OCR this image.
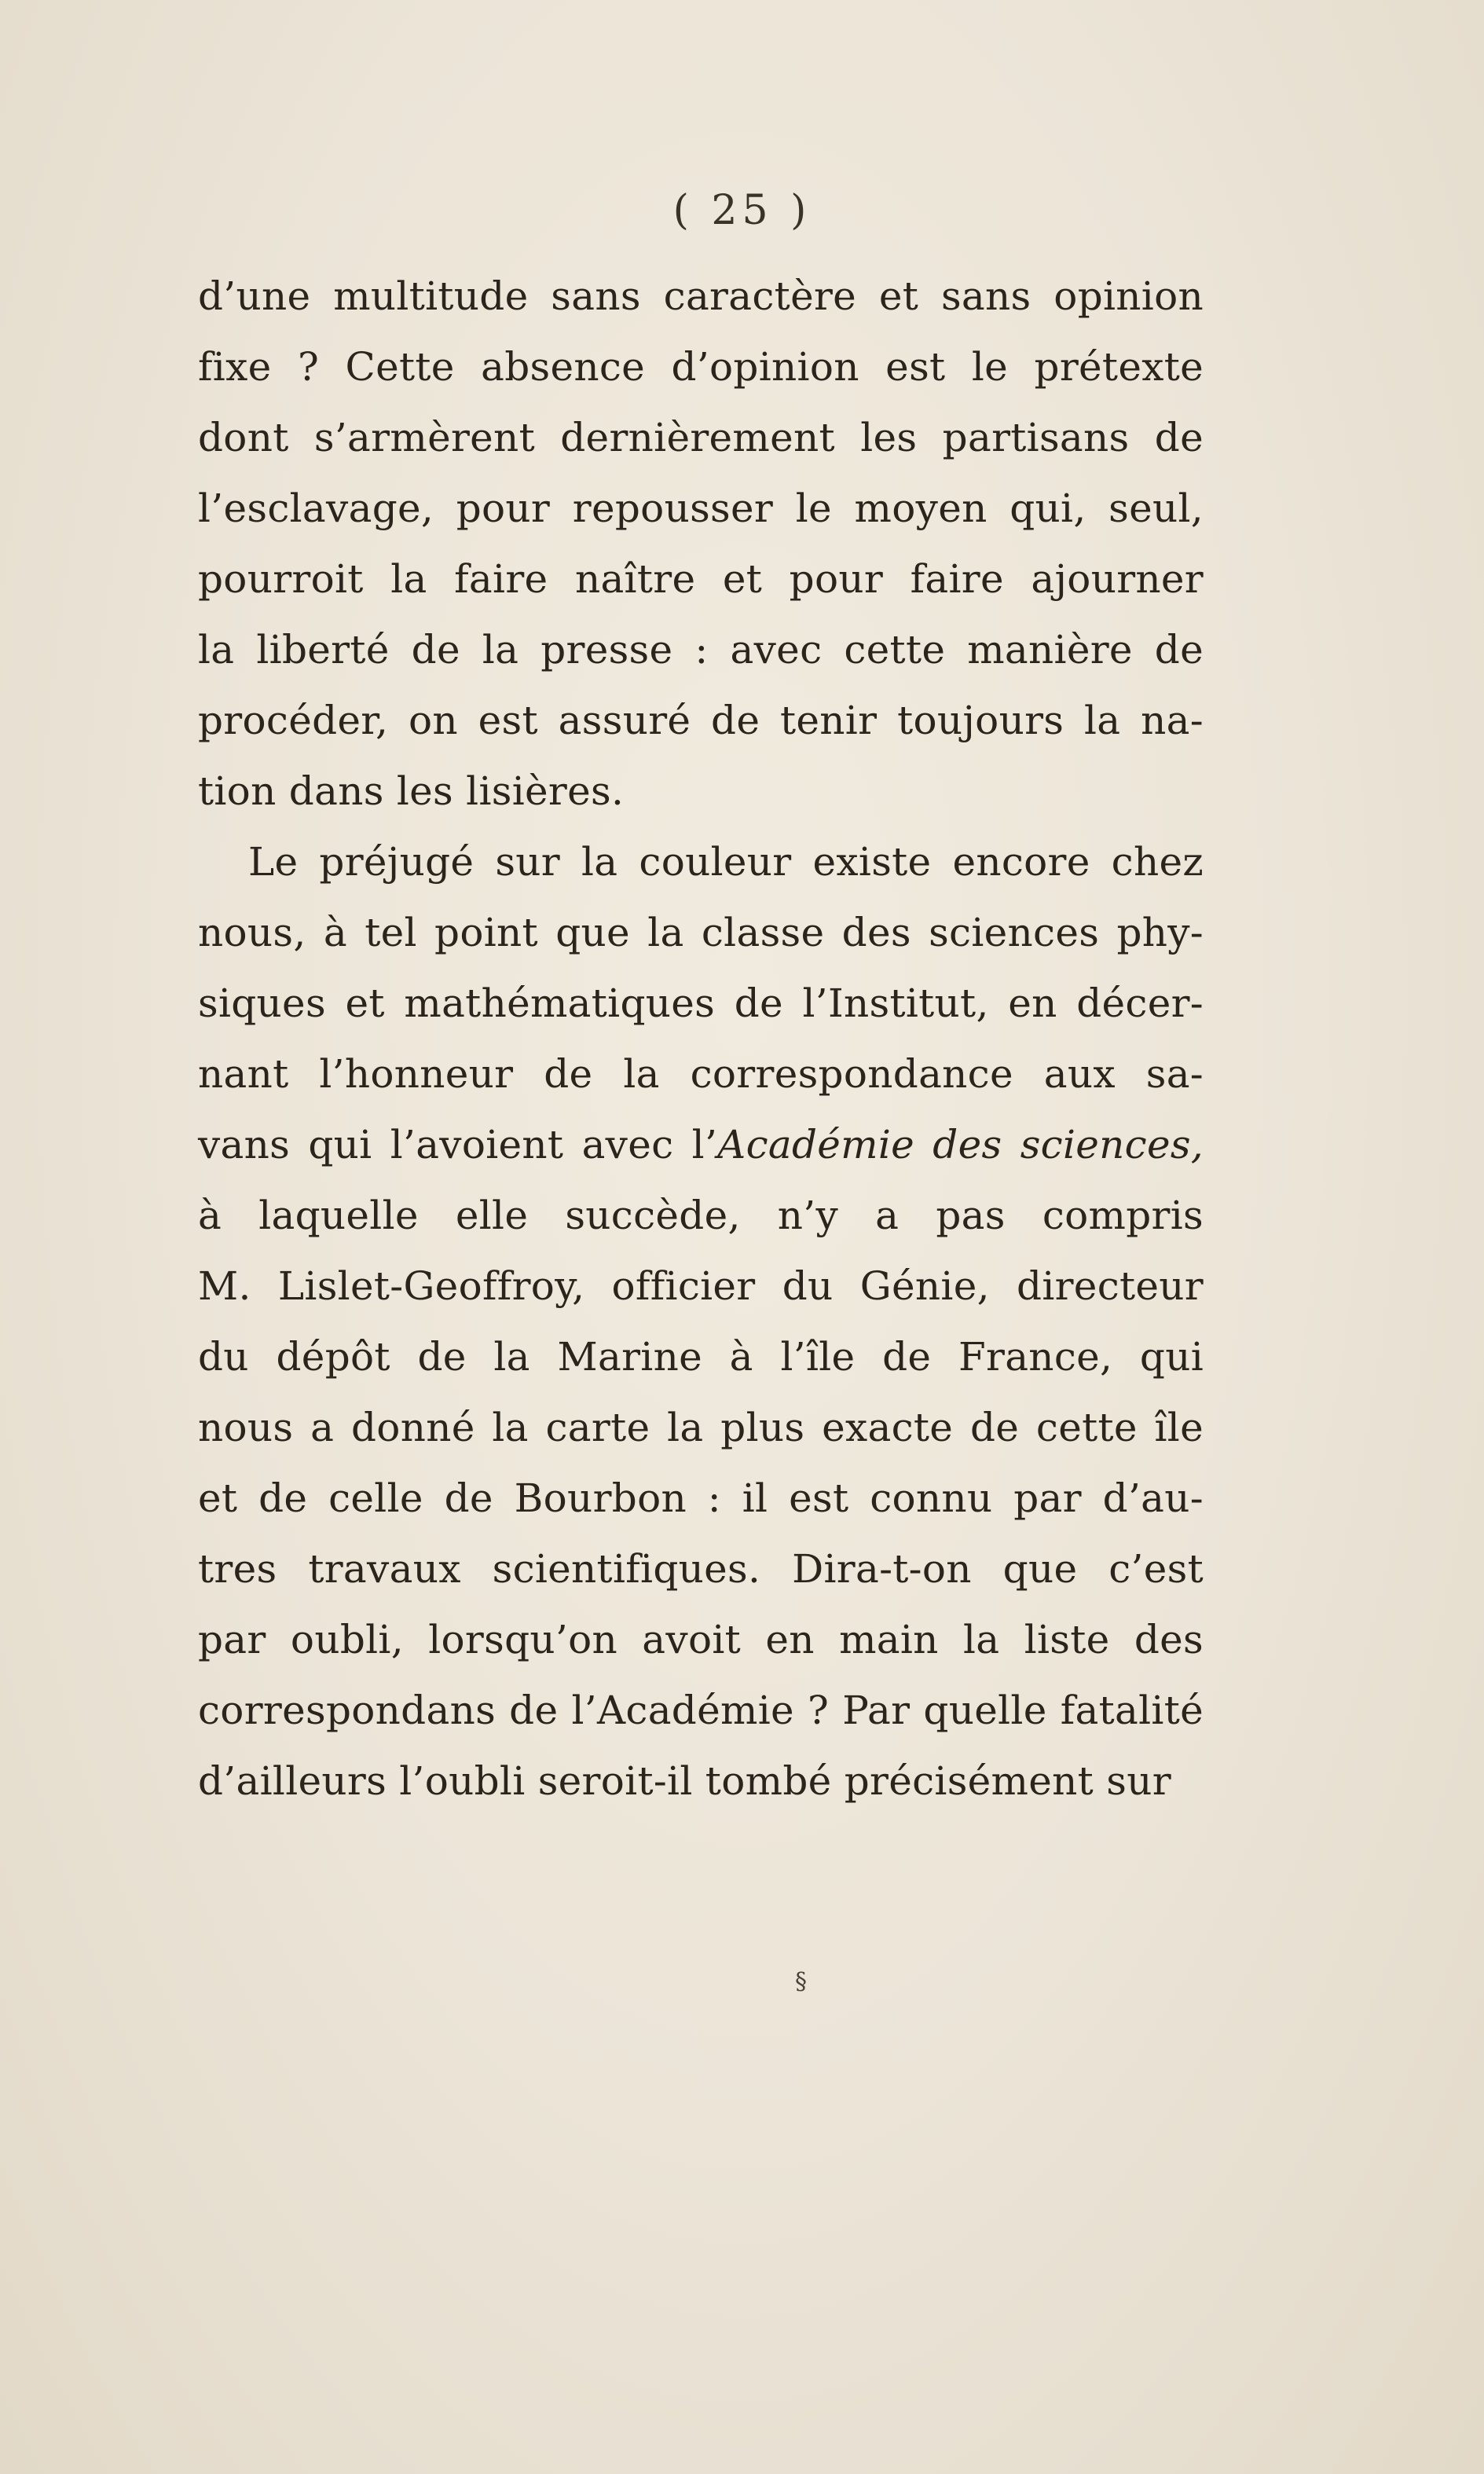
( 25 )
d’une multitude sans caractère et sans opinion
fixe ? Cette absence d’opinion est le prétexte
dont s’armèrent dernièrement les partisans de
l’esclavage, pour repousser le moyen qui, seul,
pourroit la faire naître et pour faire ajourner
la liberté de la presse : avec cette manière de
procéder, on est assuré de tenir toujours la na-
tion dans les lisières.
Le préjugé sur la couleur existe encore chez
nous, à tel point que la classe des sciences phy-
siques et mathématiques de l’Institut, en décer-
nant l’honneur de la correspondance aux sa-
vans qui l’avoient avec l’Académie des sciences,
à laquelle elle succède, n’y a pas compris
M. Lislet-Geoffroy, officier du Génie, directeur
du dépôt de la Marine à l’île de France, qui
nous a donné la carte la plus exacte de cette île
et de celle de Bourbon : il est connu par d’au-
tres travaux scientifiques. Dira-t-on que c’est
par oubli, lorsqu’on avoit en main la liste des
correspondans de l’Académie ? Par quelle fatalité
d’ailleurs l’oubli seroit-il tombé précisément sur
§
